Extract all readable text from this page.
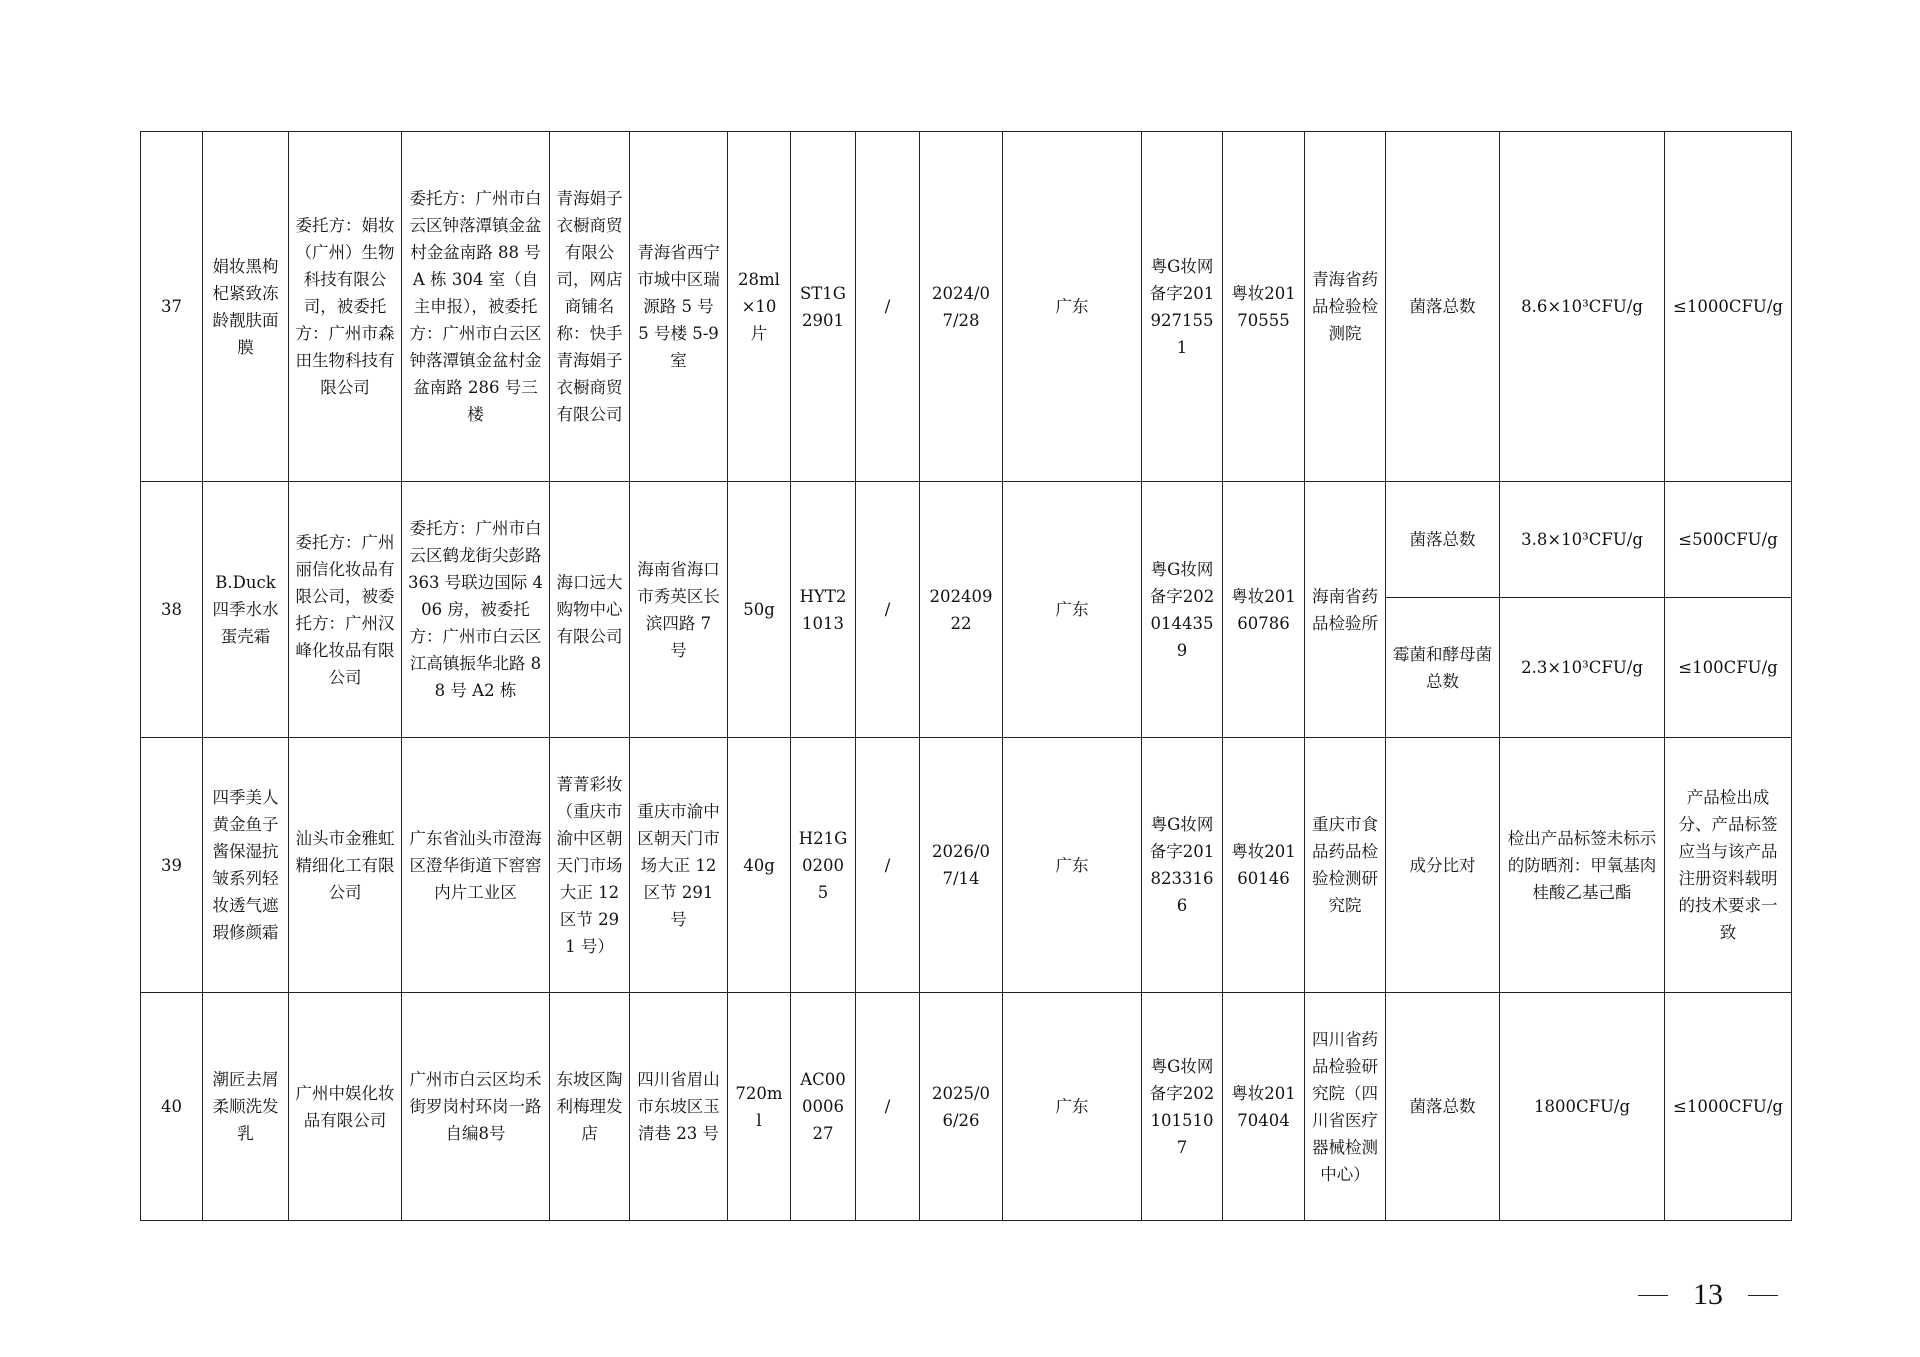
37	娟妆黑枸杞紧致冻龄靓肤面膜	委托方：娟妆（广州）生物科技有限公司，被委托方：广州市森田生物科技有限公司	委托方：广州市白云区钟落潭镇金盆村金盆南路 88 号 A 栋 304 室（自主申报），被委托方：广州市白云区钟落潭镇金盆村金盆南路 286 号三楼	青海娟子衣橱商贸有限公司，网店商铺名称：快手青海娟子衣橱商贸有限公司	青海省西宁市城中区瑞源路 5 号 5 号楼 5-9 室	28ml×10片	ST1G2901	/	2024/07/28	广东	粤G妆网备字2019271551	粤妆20170555	青海省药品检验检测院	菌落总数	8.6×10³CFU/g	≤1000CFU/g
38	B.Duck 四季水水蛋壳霜	委托方：广州丽信化妆品有限公司，被委托方：广州汉峰化妆品有限公司	委托方：广州市白云区鹤龙街尖彭路 363 号联边国际 406 房，被委托方：广州市白云区江高镇振华北路 88 号 A2 栋	海口远大购物中心有限公司	海南省海口市秀英区长滨四路 7 号	50g	HYT21013	/	20240922	广东	粤G妆网备字2020144359	粤妆20160786	海南省药品检验所	菌落总数	3.8×10³CFU/g	≤500CFU/g
														霉菌和酵母菌总数	2.3×10³CFU/g	≤100CFU/g
39	四季美人黄金鱼子酱保湿抗皱系列轻妆透气遮瑕修颜霜	汕头市金雅虹精细化工有限公司	广东省汕头市澄海区澄华街道下窖窖内片工业区	菁菁彩妆（重庆市渝中区朝天门市场大正 12 区节 291 号）	重庆市渝中区朝天门市场大正 12 区节 291 号	40g	H21G02005	/	2026/07/14	广东	粤G妆网备字2018233166	粤妆20160146	重庆市食品药品检验检测研究院	成分比对	检出产品标签未标示的防晒剂：甲氧基肉桂酸乙基己酯	产品检出成分、产品标签应当与该产品注册资料载明的技术要求一致
40	潮匠去屑柔顺洗发乳	广州中娱化妆品有限公司	广州市白云区均禾街罗岗村环岗一路自编8号	东坡区陶利梅理发店	四川省眉山市东坡区玉清巷 23 号	720ml	AC00000627	/	2025/06/26	广东	粤G妆网备字2021015107	粤妆20170404	四川省药品检验研究院（四川省医疗器械检测中心）	菌落总数	1800CFU/g	≤1000CFU/g
13
